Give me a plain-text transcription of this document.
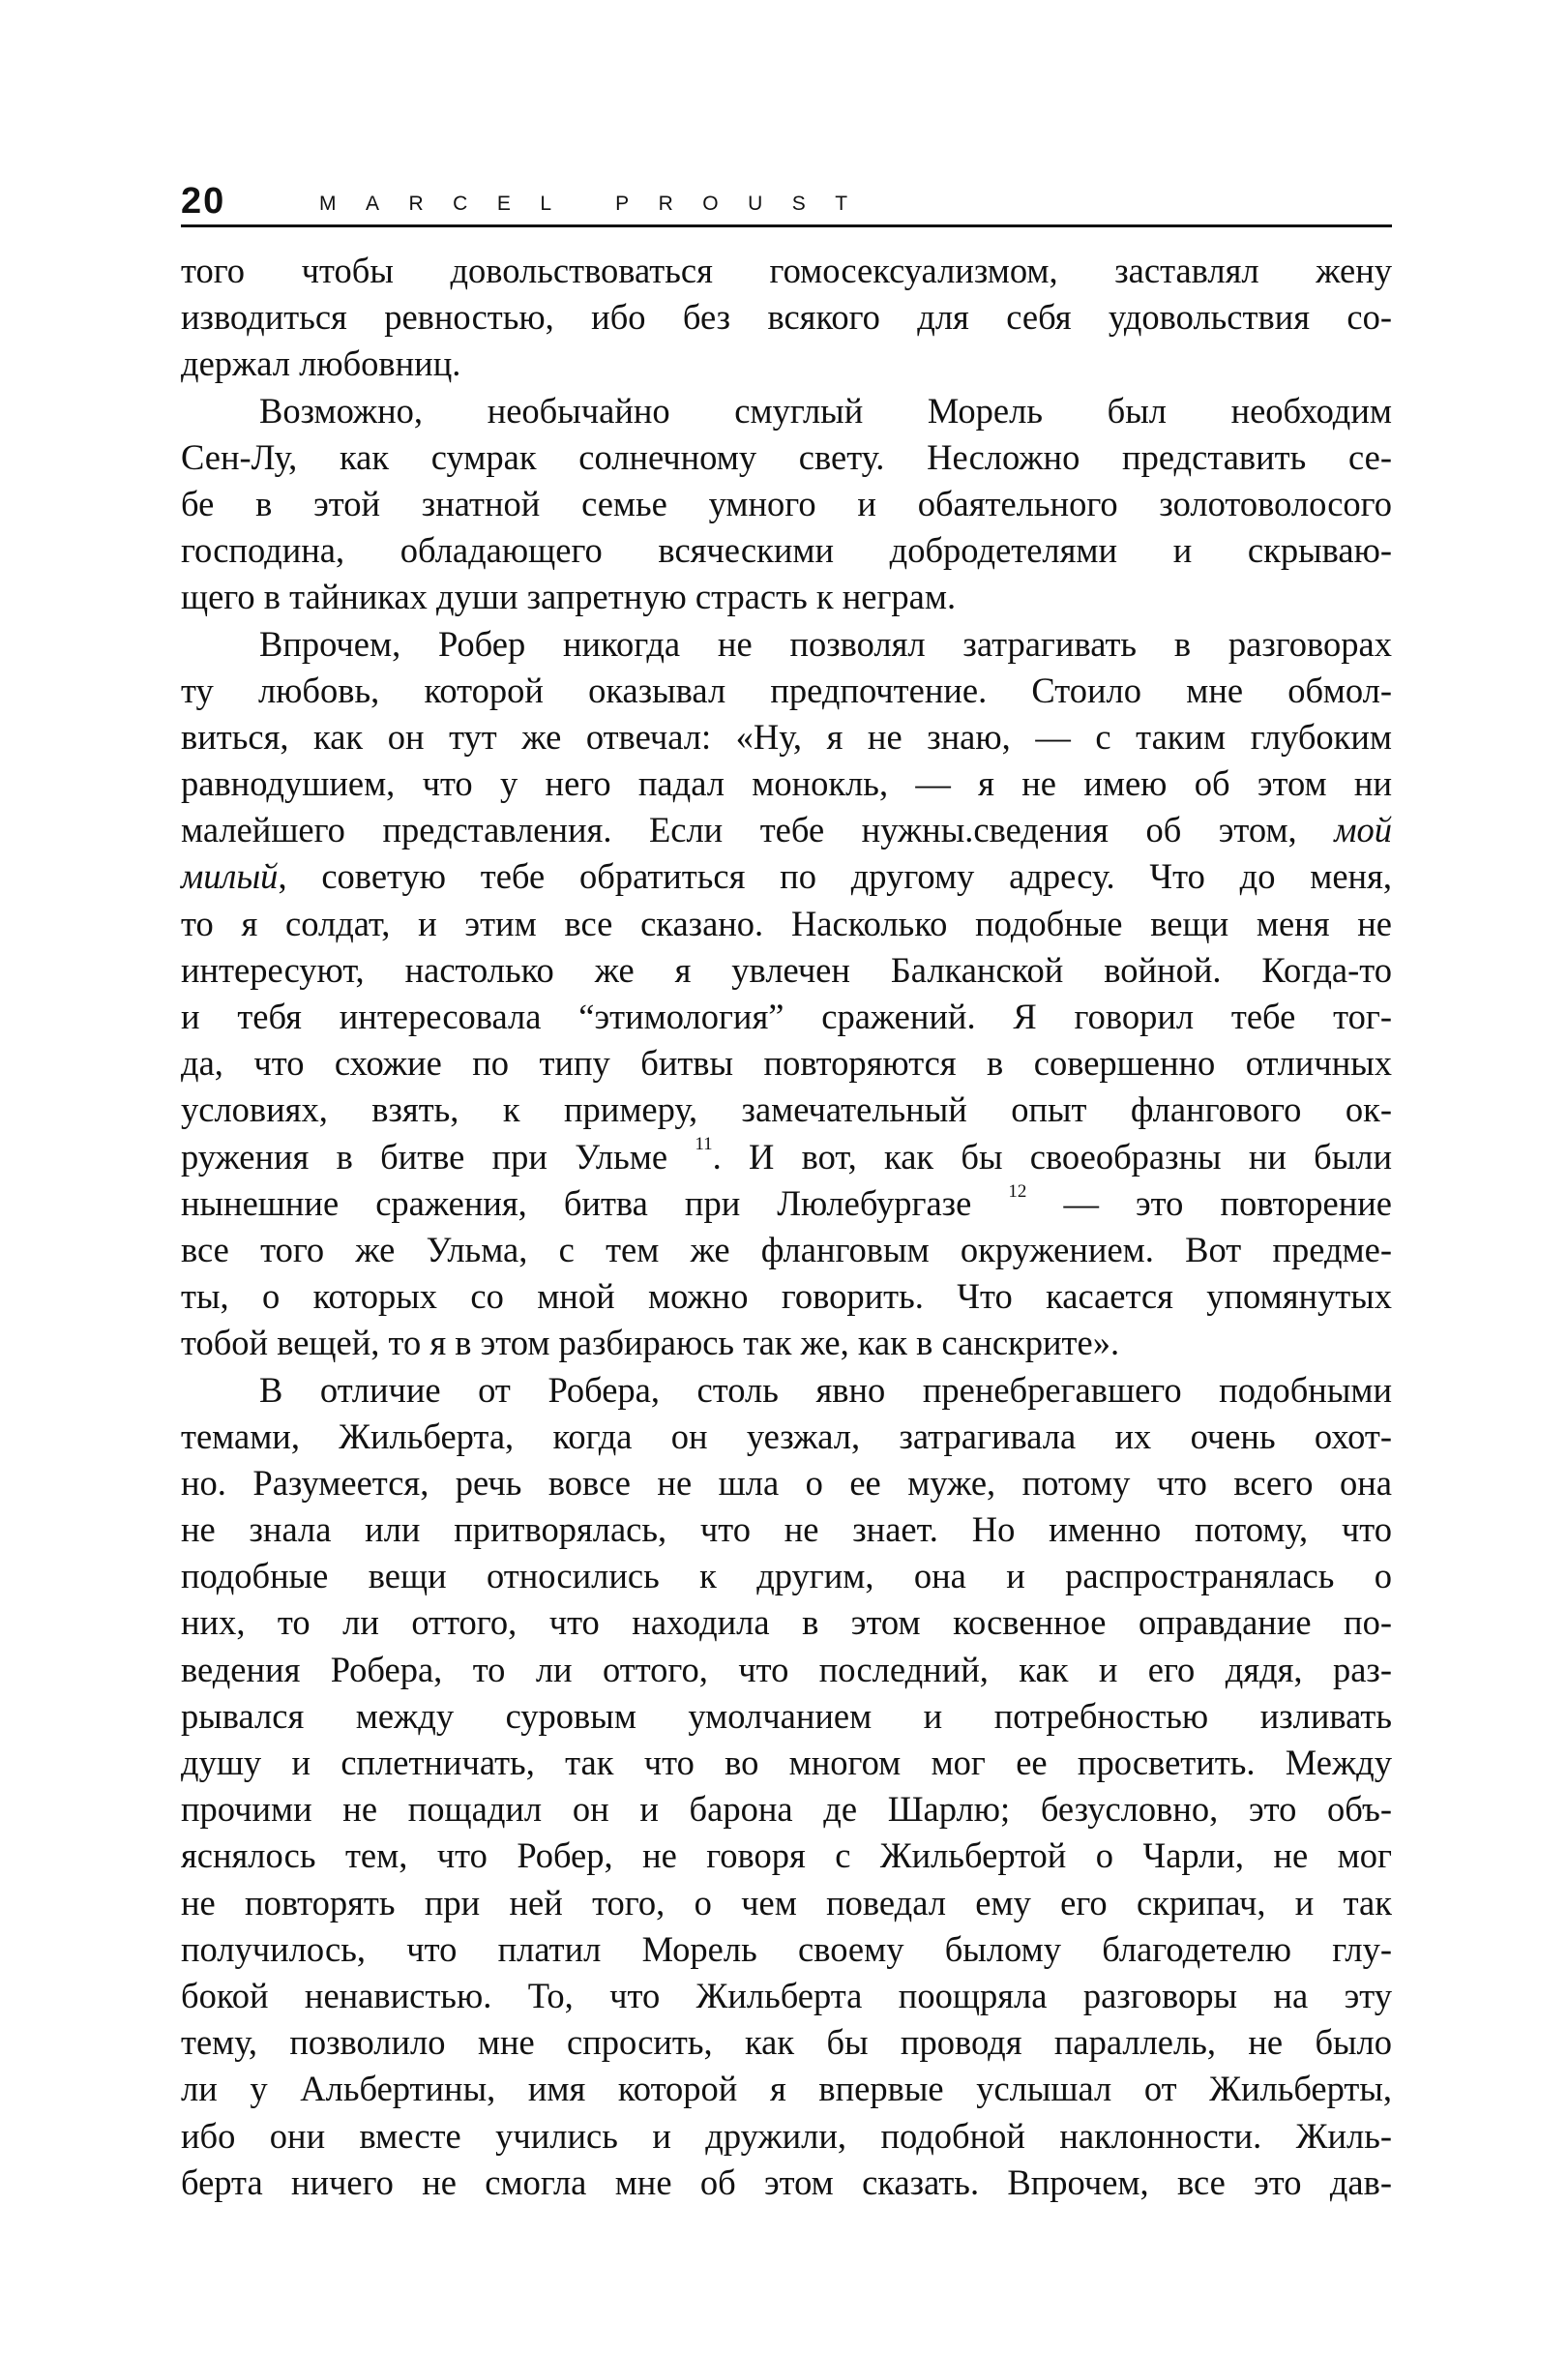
20	MARCEL PROUST
того чтобы довольствоваться гомосексуализмом, заставлял жену
изводиться ревностью, ибо без всякого для себя удовольствия со-
держал любовниц.
Возможно, необычайно смуглый Морель был необходим
Сен-Лу, как сумрак солнечному свету. Несложно представить се-
бе в этой знатной семье умного и обаятельного золотоволосого
господина, обладающего всяческими добродетелями и скрываю-
щего в тайниках души запретную страсть к неграм.
Впрочем, Робер никогда не позволял затрагивать в разговорах
ту любовь, которой оказывал предпочтение. Стоило мне обмол-
виться, как он тут же отвечал: «Ну, я не знаю, — с таким глубоким
равнодушием, что у него падал монокль, — я не имею об этом ни
малейшего представления. Если тебе нужны.сведения об этом, мой
милый, советую тебе обратиться по другому адресу. Что до меня,
то я солдат, и этим все сказано. Насколько подобные вещи меня не
интересуют, настолько же я увлечен Балканской войной. Когда-то
и тебя интересовала “этимология” сражений. Я говорил тебе тог-
да, что схожие по типу битвы повторяются в совершенно отличных
условиях, взять, к примеру, замечательный опыт флангового ок-
ружения в битве при Ульме $^{11}$. И вот, как бы своеобразны ни были
нынешние сражения, битва при Люлебургазе $^{12}$ — это повторение
все того же Ульма, с тем же фланговым окружением. Вот предме-
ты, о которых со мной можно говорить. Что касается упомянутых
тобой вещей, то я в этом разбираюсь так же, как в санскрите».
В отличие от Робера, столь явно пренебрегавшего подобными
темами, Жильберта, когда он уезжал, затрагивала их очень охот-
но. Разумеется, речь вовсе не шла о ее муже, потому что всего она
не знала или притворялась, что не знает. Но именно потому, что
подобные вещи относились к другим, она и распространялась о
них, то ли оттого, что находила в этом косвенное оправдание по-
ведения Робера, то ли оттого, что последний, как и его дядя, раз-
рывался между суровым умолчанием и потребностью изливать
душу и сплетничать, так что во многом мог ее просветить. Между
прочими не пощадил он и барона де Шарлю; безусловно, это объ-
яснялось тем, что Робер, не говоря с Жильбертой о Чарли, не мог
не повторять при ней того, о чем поведал ему его скрипач, и так
получилось, что платил Морель своему былому благодетелю глу-
бокой ненавистью. То, что Жильберта поощряла разговоры на эту
тему, позволило мне спросить, как бы проводя параллель, не было
ли у Альбертины, имя которой я впервые услышал от Жильберты,
ибо они вместе учились и дружили, подобной наклонности. Жиль-
берта ничего не смогла мне об этом сказать. Впрочем, все это дав-
